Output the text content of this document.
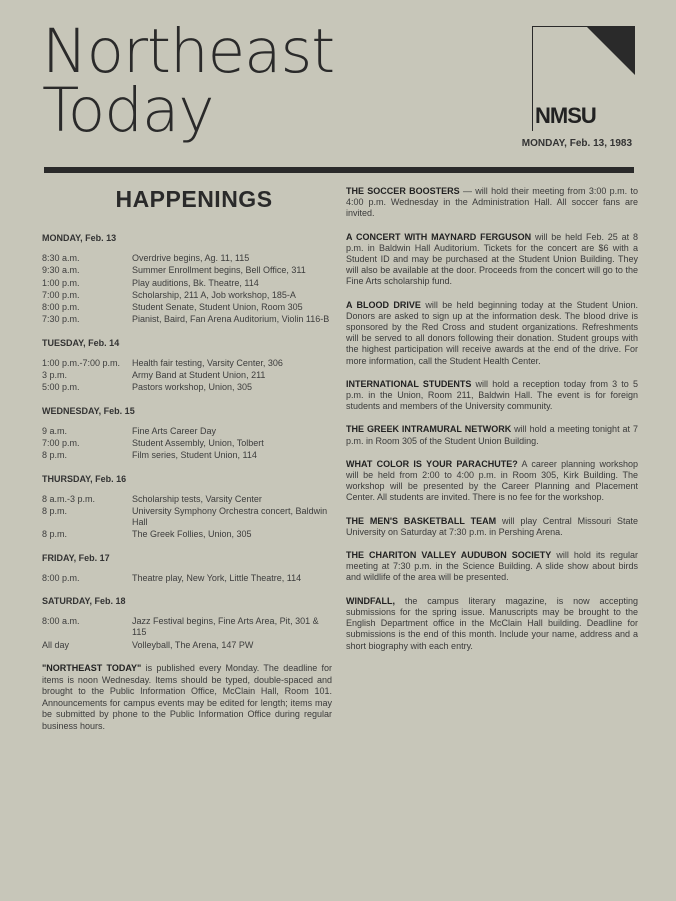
Northeast
Today	NMSU
MONDAY, Feb. 13, 1983
HAPPENINGS
MONDAY, Feb. 13
8:30 a.m.	Overdrive begins, Ag. 11, 115
9:30 a.m.	Summer Enrollment begins, Bell Office, 311
1:00 p.m.	Play auditions, Bk. Theatre, 114
7:00 p.m.	Scholarship, 211 A, Job workshop, 185-A
8:00 p.m.	Student Senate, Student Union, Room 305
7:30 p.m.	Pianist, Baird, Fan Arena Auditorium, Violin 116-B
TUESDAY, Feb. 14
1:00 p.m.-7:00 p.m.	Health fair testing, Varsity Center, 306
3 p.m.	Army Band at Student Union, 211
5:00 p.m.	Pastors workshop, Union, 305
WEDNESDAY, Feb. 15
9 a.m.	Fine Arts Career Day
7:00 p.m.	Student Assembly, Union, Tolbert
8 p.m.	Film series, Student Union, 114
THURSDAY, Feb. 16
8 a.m.-3 p.m.	Scholarship tests, Varsity Center
8 p.m.	University Symphony Orchestra concert, Baldwin Hall
8 p.m.	The Greek Follies, Union, 305
FRIDAY, Feb. 17
8:00 p.m.	Theatre play, New York, Little Theatre, 114
SATURDAY, Feb. 18
8:00 a.m.	Jazz Festival begins, Fine Arts Area, Pit, 301 & 115
All day	Volleyball, The Arena, 147 PW
"NORTHEAST TODAY" is published every Monday. The deadline for items is noon Wednesday. Items should be typed, double-spaced and brought to the Public Information Office, McClain Hall, Room 101. Announcements for campus events may be edited for length; items may be submitted by phone to the Public Information Office during regular business hours.
THE SOCCER BOOSTERS — will hold their meeting from 3:00 p.m. to 4:00 p.m. Wednesday in the Administration Hall. All soccer fans are invited.
A CONCERT WITH MAYNARD FERGUSON will be held Feb. 25 at 8 p.m. in Baldwin Hall Auditorium. Tickets for the concert are $6 with a Student ID and may be purchased at the Student Union Building. They will also be available at the door. Proceeds from the concert will go to the Fine Arts scholarship fund.
A BLOOD DRIVE will be held beginning today at the Student Union. Donors are asked to sign up at the information desk. The blood drive is sponsored by the Red Cross and student organizations. Refreshments will be served to all donors following their donation. Student groups with the highest participation will receive awards at the end of the drive. For more information, call the Student Health Center.
INTERNATIONAL STUDENTS will hold a reception today from 3 to 5 p.m. in the Union, Room 211, Baldwin Hall. The event is for foreign students and members of the University community.
THE GREEK INTRAMURAL NETWORK will hold a meeting tonight at 7 p.m. in Room 305 of the Student Union Building.
WHAT COLOR IS YOUR PARACHUTE? A career planning workshop will be held from 2:00 to 4:00 p.m. in Room 305, Kirk Building. The workshop will be presented by the Career Planning and Placement Center. All students are invited. There is no fee for the workshop.
THE MEN'S BASKETBALL TEAM will play Central Missouri State University on Saturday at 7:30 p.m. in Pershing Arena.
THE CHARITON VALLEY AUDUBON SOCIETY will hold its regular meeting at 7:30 p.m. in the Science Building. A slide show about birds and wildlife of the area will be presented.
WINDFALL, the campus literary magazine, is now accepting submissions for the spring issue. Manuscripts may be brought to the English Department office in the McClain Hall building. Deadline for submissions is the end of this month. Include your name, address and a short biography with each entry.
